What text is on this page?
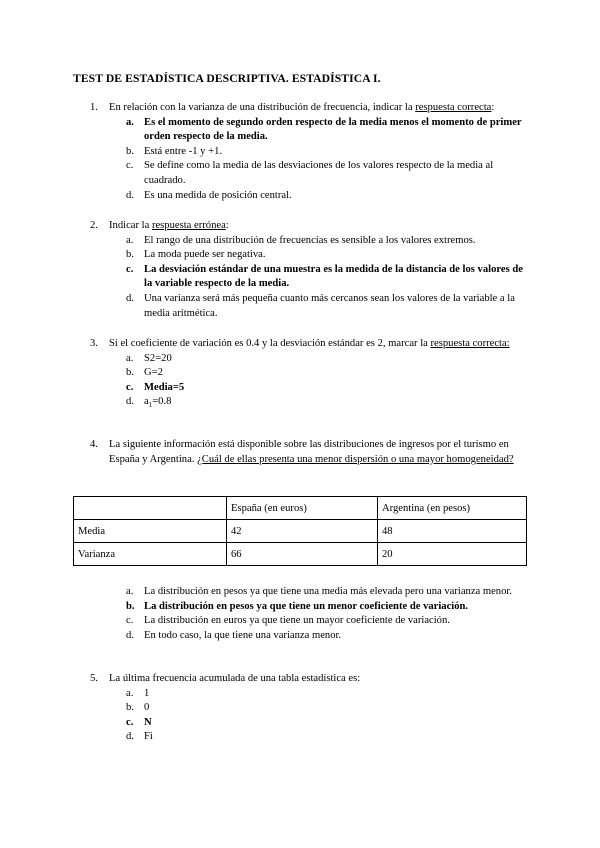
TEST DE ESTADÍSTICA DESCRIPTIVA. ESTADÍSTICA I.
1.	En relación con la varianza de una distribución de frecuencia, indicar la respuesta correcta:
a. Es el momento de segundo orden respecto de la media menos el momento de primer orden respecto de la media.
b. Está entre -1 y +1.
c. Se define como la media de las desviaciones de los valores respecto de la media al cuadrado.
d. Es una medida de posición central.
2.	Indicar la respuesta errónea:
a. El rango de una distribución de frecuencias es sensible a los valores extremos.
b. La moda puede ser negativa.
c. La desviación estándar de una muestra es la medida de la distancia de los valores de la variable respecto de la media.
d. Una varianza será más pequeña cuanto más cercanos sean los valores de la variable a la media aritmética.
3.	Si el coeficiente de variación es 0.4 y la desviación estándar es 2, marcar la respuesta correcta:
a. S2=20
b. G=2
c. Media=5
d. $a_1=0.8$
4.	La siguiente información está disponible sobre las distribuciones de ingresos por el turismo en España y Argentina. ¿Cuál de ellas presenta una menor dispersión o una mayor homogeneidad?
	España (en euros)	Argentina (en pesos)
Media	42	48
Varianza	66	20
a. La distribución en pesos ya que tiene una media más elevada pero una varianza menor.
b. La distribución en pesos ya que tiene un menor coeficiente de variación.
c. La distribución en euros ya que tiene un mayor coeficiente de variación.
d. En todo caso, la que tiene una varianza menor.
5.	La última frecuencia acumulada de una tabla estadística es:
a. 1
b. 0
c. N
d. Fi
